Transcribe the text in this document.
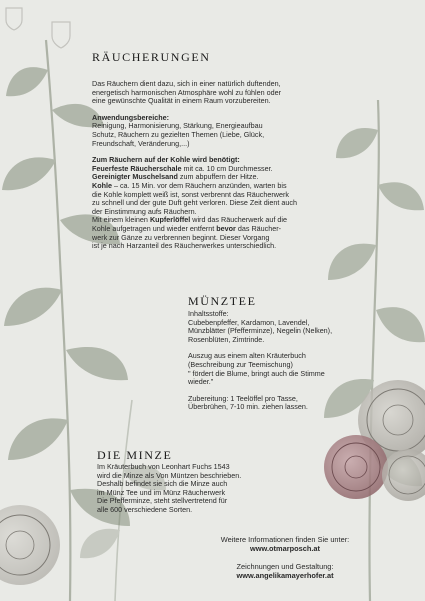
RÄUCHERUNGEN

Das Räuchern dient dazu, sich in einer natürlich duftenden,
energetisch harmonischen Atmosphäre wohl zu fühlen oder
eine gewünschte Qualität in einem Raum vorzubereiten.

Anwendungsbereiche:
Reinigung, Harmonisierung, Stärkung, Energieaufbau
Schutz, Räuchern zu gezielten Themen (Liebe, Glück,
Freundschaft, Veränderung,...)

Zum Räuchern auf der Kohle wird benötigt:
Feuerfeste Räucherschale mit ca. 10 cm Durchmesser.
Gereinigter Muschelsand zum abpuffern der Hitze.
Kohle – ca. 15 Min. vor dem Räuchern anzünden, warten bis
die Kohle komplett weiß ist, sonst verbrennt das Räucherwerk
zu schnell und der gute Duft geht verloren. Diese Zeit dient auch
der Einstimmung aufs Räuchern.
Mit einem kleinen Kupferlöffel wird das Räucherwerk auf die
Kohle aufgetragen und wieder entfernt bevor das Räucher-
werk zur Gänze zu verbrennen beginnt. Dieser Vorgang
ist je nach Harzanteil des Räucherwerkes unterschiedlich.

MÜNZTEE

Inhaltsstoffe:
Cubebenpfeffer, Kardamon, Lavendel,
Münzblätter (Pfefferminze), Negelin (Nelken),
Rosenblüten, Zimtrinde.

Auszug aus einem alten Kräuterbuch
(Beschreibung zur Teemischung)
" fördert die Blume, bringt auch die Stimme
wieder."

Zubereitung: 1 Teelöffel pro Tasse,
Überbrühen, 7-10 min. ziehen lassen.

DIE MINZE

Im Kräuterbuch von Leonhart Fuchs 1543
wird die Minze als Von Müntzen beschrieben.
Deshalb befindet sie sich die Minze auch
im Münz Tee und im Münz Räucherwerk
Die Pfefferminze, steht stellvertretend für
alle 600 verschiedene Sorten.

Weitere Informationen finden Sie unter:
www.otmarposch.at
Zeichnungen und Gestaltung:
www.angelikamayerhofer.at
